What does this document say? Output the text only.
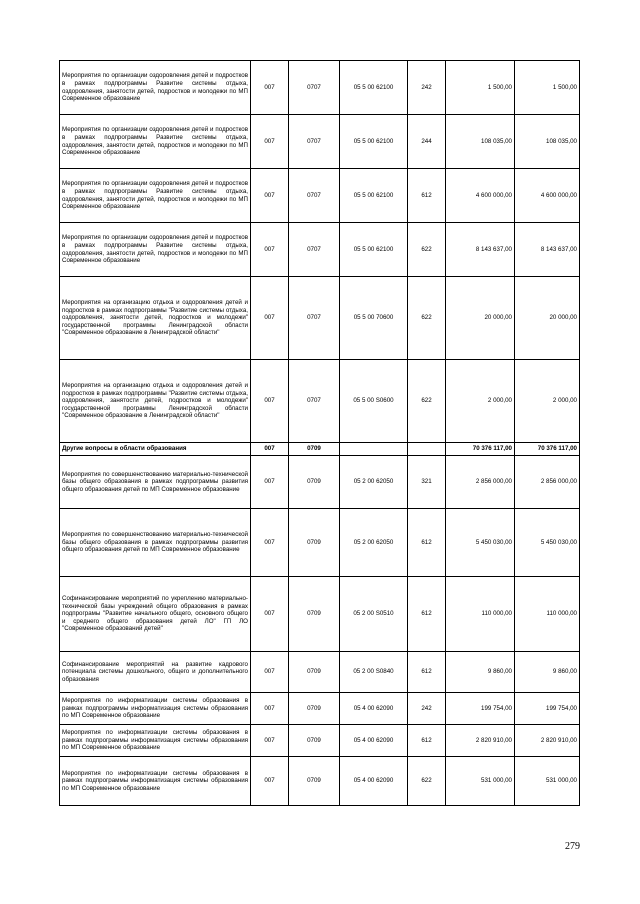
Мероприятия по организации оздоровления детей и подростков в рамках подпрограммы Развитие системы отдыха, оздоровления, занятости детей, подростков и молодежи по МП Современное образование	007	0707	05 5 00 62100	242	1 500,00	1 500,00
Мероприятия по организации оздоровления детей и подростков в рамках подпрограммы Развитие системы отдыха, оздоровления, занятости детей, подростков и молодежи по МП Современное образование	007	0707	05 5 00 62100	244	108 035,00	108 035,00
Мероприятия по организации оздоровления детей и подростков в рамках подпрограммы Развитие системы отдыха, оздоровления, занятости детей, подростков и молодежи по МП Современное образование	007	0707	05 5 00 62100	612	4 600 000,00	4 600 000,00
Мероприятия по организации оздоровления детей и подростков в рамках подпрограммы Развитие системы отдыха, оздоровления, занятости детей, подростков и молодежи по МП Современное образование	007	0707	05 5 00 62100	622	8 143 637,00	8 143 637,00
Мероприятия на организацию отдыха и оздоровления детей и подростков в рамках подпрограммы "Развитие системы отдыха, оздоровления, занятости детей, подростков и молодежи" государственной программы Ленинградской области "Современное образование в Ленинградской области"	007	0707	05 5 00 70600	622	20 000,00	20 000,00
Мероприятия на организацию отдыха и оздоровления детей и подростков в рамках подпрограммы "Развитие системы отдыха, оздоровления, занятости детей, подростков и молодежи" государственной программы Ленинградской области "Современное образование в Ленинградской области"	007	0707	05 5 00 S0600	622	2 000,00	2 000,00
Другие вопросы в области образования	007	0709			70 376 117,00	70 376 117,00
Мероприятия по совершенствованию материально-технической базы общего образования в рамках подпрограммы развития общего образования детей по МП Современное образование	007	0709	05 2 00 62050	321	2 856 000,00	2 856 000,00
Мероприятия по совершенствованию материально-технической базы общего образования в рамках подпрограммы развития общего образования детей по МП Современное образование	007	0709	05 2 00 62050	612	5 450 030,00	5 450 030,00
Софинансирование мероприятий по укреплению материально-технической базы учреждений общего образования в рамках подпрограмы "Развитие начального общего, основного общего и среднего общего образования детей ЛО" ГП ЛО "Современное образований детей"	007	0709	05 2 00 S0510	612	110 000,00	110 000,00
Софинансирование мероприятий на развитие кадрового потенциала системы дошкольного, общего и дополнительного образования	007	0709	05 2 00 S0840	612	9 860,00	9 860,00
Мероприятия по информатизации системы образования в рамках подпрограммы информатизация системы образования по МП Современное образование	007	0709	05 4 00 62090	242	199 754,00	199 754,00
Мероприятия по информатизации системы образования в рамках подпрограммы информатизация системы образования по МП Современное образование	007	0709	05 4 00 62090	612	2 820 910,00	2 820 910,00
Мероприятия по информатизации системы образования в рамках подпрограммы информатизация системы образования по МП Современное образование	007	0709	05 4 00 62090	622	531 000,00	531 000,00
279
